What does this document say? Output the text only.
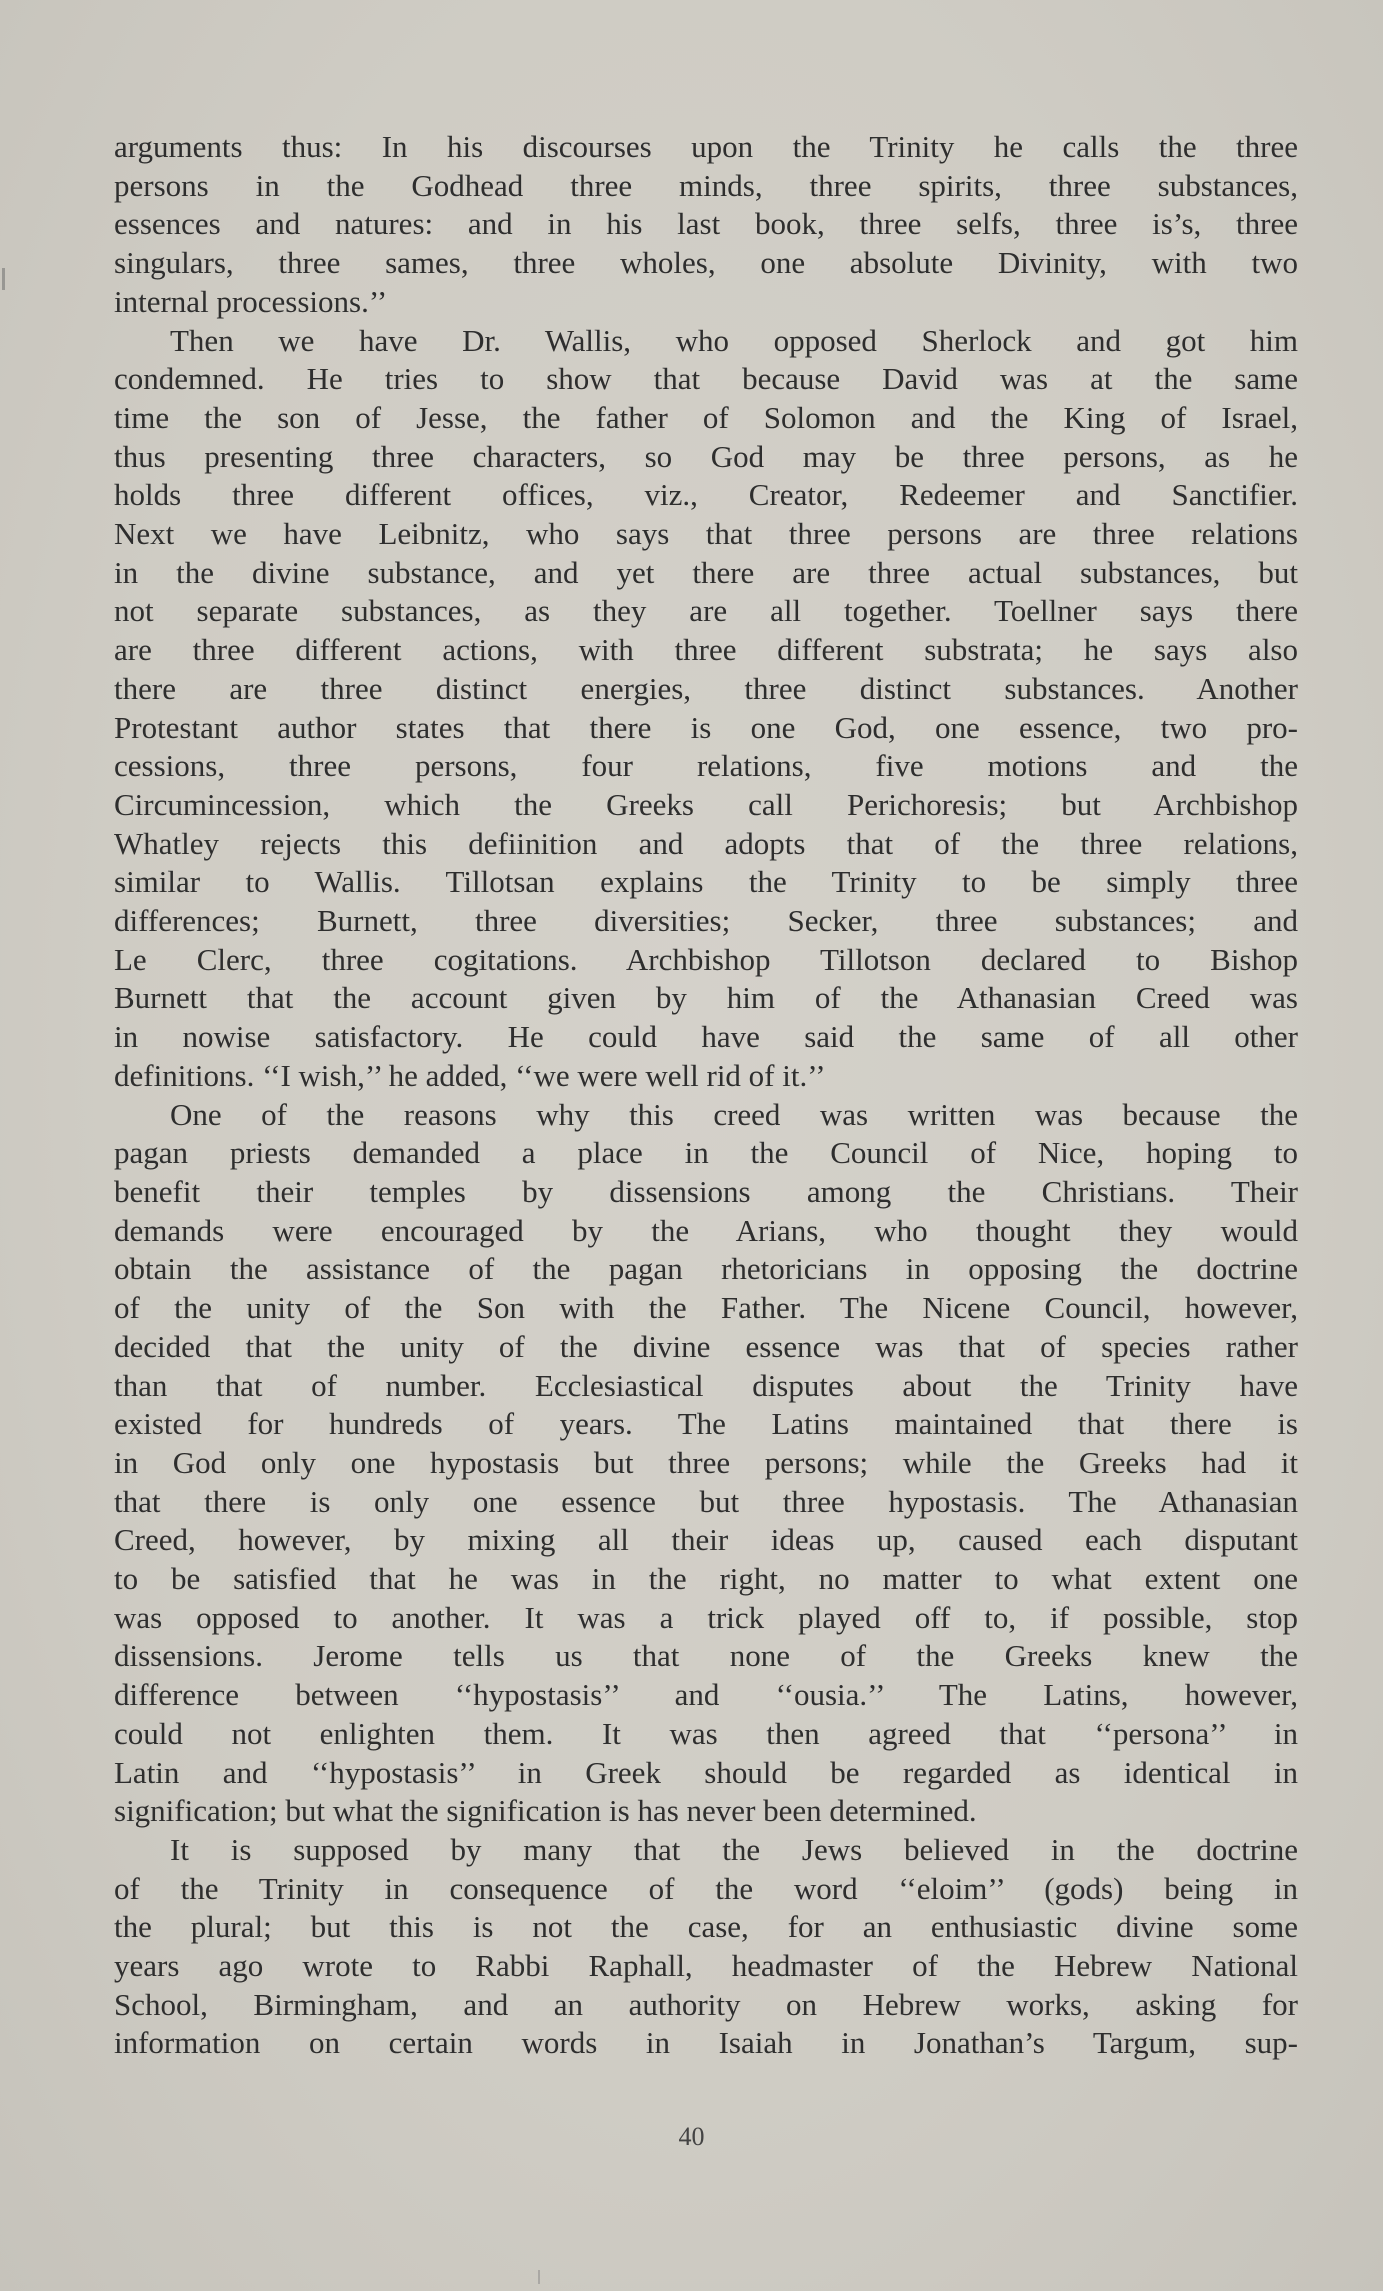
arguments thus: In his discourses upon the Trinity he calls the three
persons in the Godhead three minds, three spirits, three substances,
essences and natures: and in his last book, three selfs, three is’s, three
singulars, three sames, three wholes, one absolute Divinity, with two
internal processions.’’
Then we have Dr. Wallis, who opposed Sherlock and got him
condemned. He tries to show that because David was at the same
time the son of Jesse, the father of Solomon and the King of Israel,
thus presenting three characters, so God may be three persons, as he
holds three different offices, viz., Creator, Redeemer and Sanctifier.
Next we have Leibnitz, who says that three persons are three relations
in the divine substance, and yet there are three actual substances, but
not separate substances, as they are all together. Toellner says there
are three different actions, with three different substrata; he says also
there are three distinct energies, three distinct substances. Another
Protestant author states that there is one God, one essence, two pro-
cessions, three persons, four relations, five motions and the
Circumincession, which the Greeks call Perichoresis; but Archbishop
Whatley rejects this defiinition and adopts that of the three relations,
similar to Wallis. Tillotsan explains the Trinity to be simply three
differences; Burnett, three diversities; Secker, three substances; and
Le Clerc, three cogitations. Archbishop Tillotson declared to Bishop
Burnett that the account given by him of the Athanasian Creed was
in nowise satisfactory. He could have said the same of all other
definitions. ‘‘I wish,’’ he added, ‘‘we were well rid of it.’’
One of the reasons why this creed was written was because the
pagan priests demanded a place in the Council of Nice, hoping to
benefit their temples by dissensions among the Christians. Their
demands were encouraged by the Arians, who thought they would
obtain the assistance of the pagan rhetoricians in opposing the doctrine
of the unity of the Son with the Father. The Nicene Council, however,
decided that the unity of the divine essence was that of species rather
than that of number. Ecclesiastical disputes about the Trinity have
existed for hundreds of years. The Latins maintained that there is
in God only one hypostasis but three persons; while the Greeks had it
that there is only one essence but three hypostasis. The Athanasian
Creed, however, by mixing all their ideas up, caused each disputant
to be satisfied that he was in the right, no matter to what extent one
was opposed to another. It was a trick played off to, if possible, stop
dissensions. Jerome tells us that none of the Greeks knew the
difference between ‘‘hypostasis’’ and ‘‘ousia.’’ The Latins, however,
could not enlighten them. It was then agreed that ‘‘persona’’ in
Latin and ‘‘hypostasis’’ in Greek should be regarded as identical in
signification; but what the signification is has never been determined.
It is supposed by many that the Jews believed in the doctrine
of the Trinity in consequence of the word ‘‘eloim’’ (gods) being in
the plural; but this is not the case, for an enthusiastic divine some
years ago wrote to Rabbi Raphall, headmaster of the Hebrew National
School, Birmingham, and an authority on Hebrew works, asking for
information on certain words in Isaiah in Jonathan’s Targum, sup-
40
